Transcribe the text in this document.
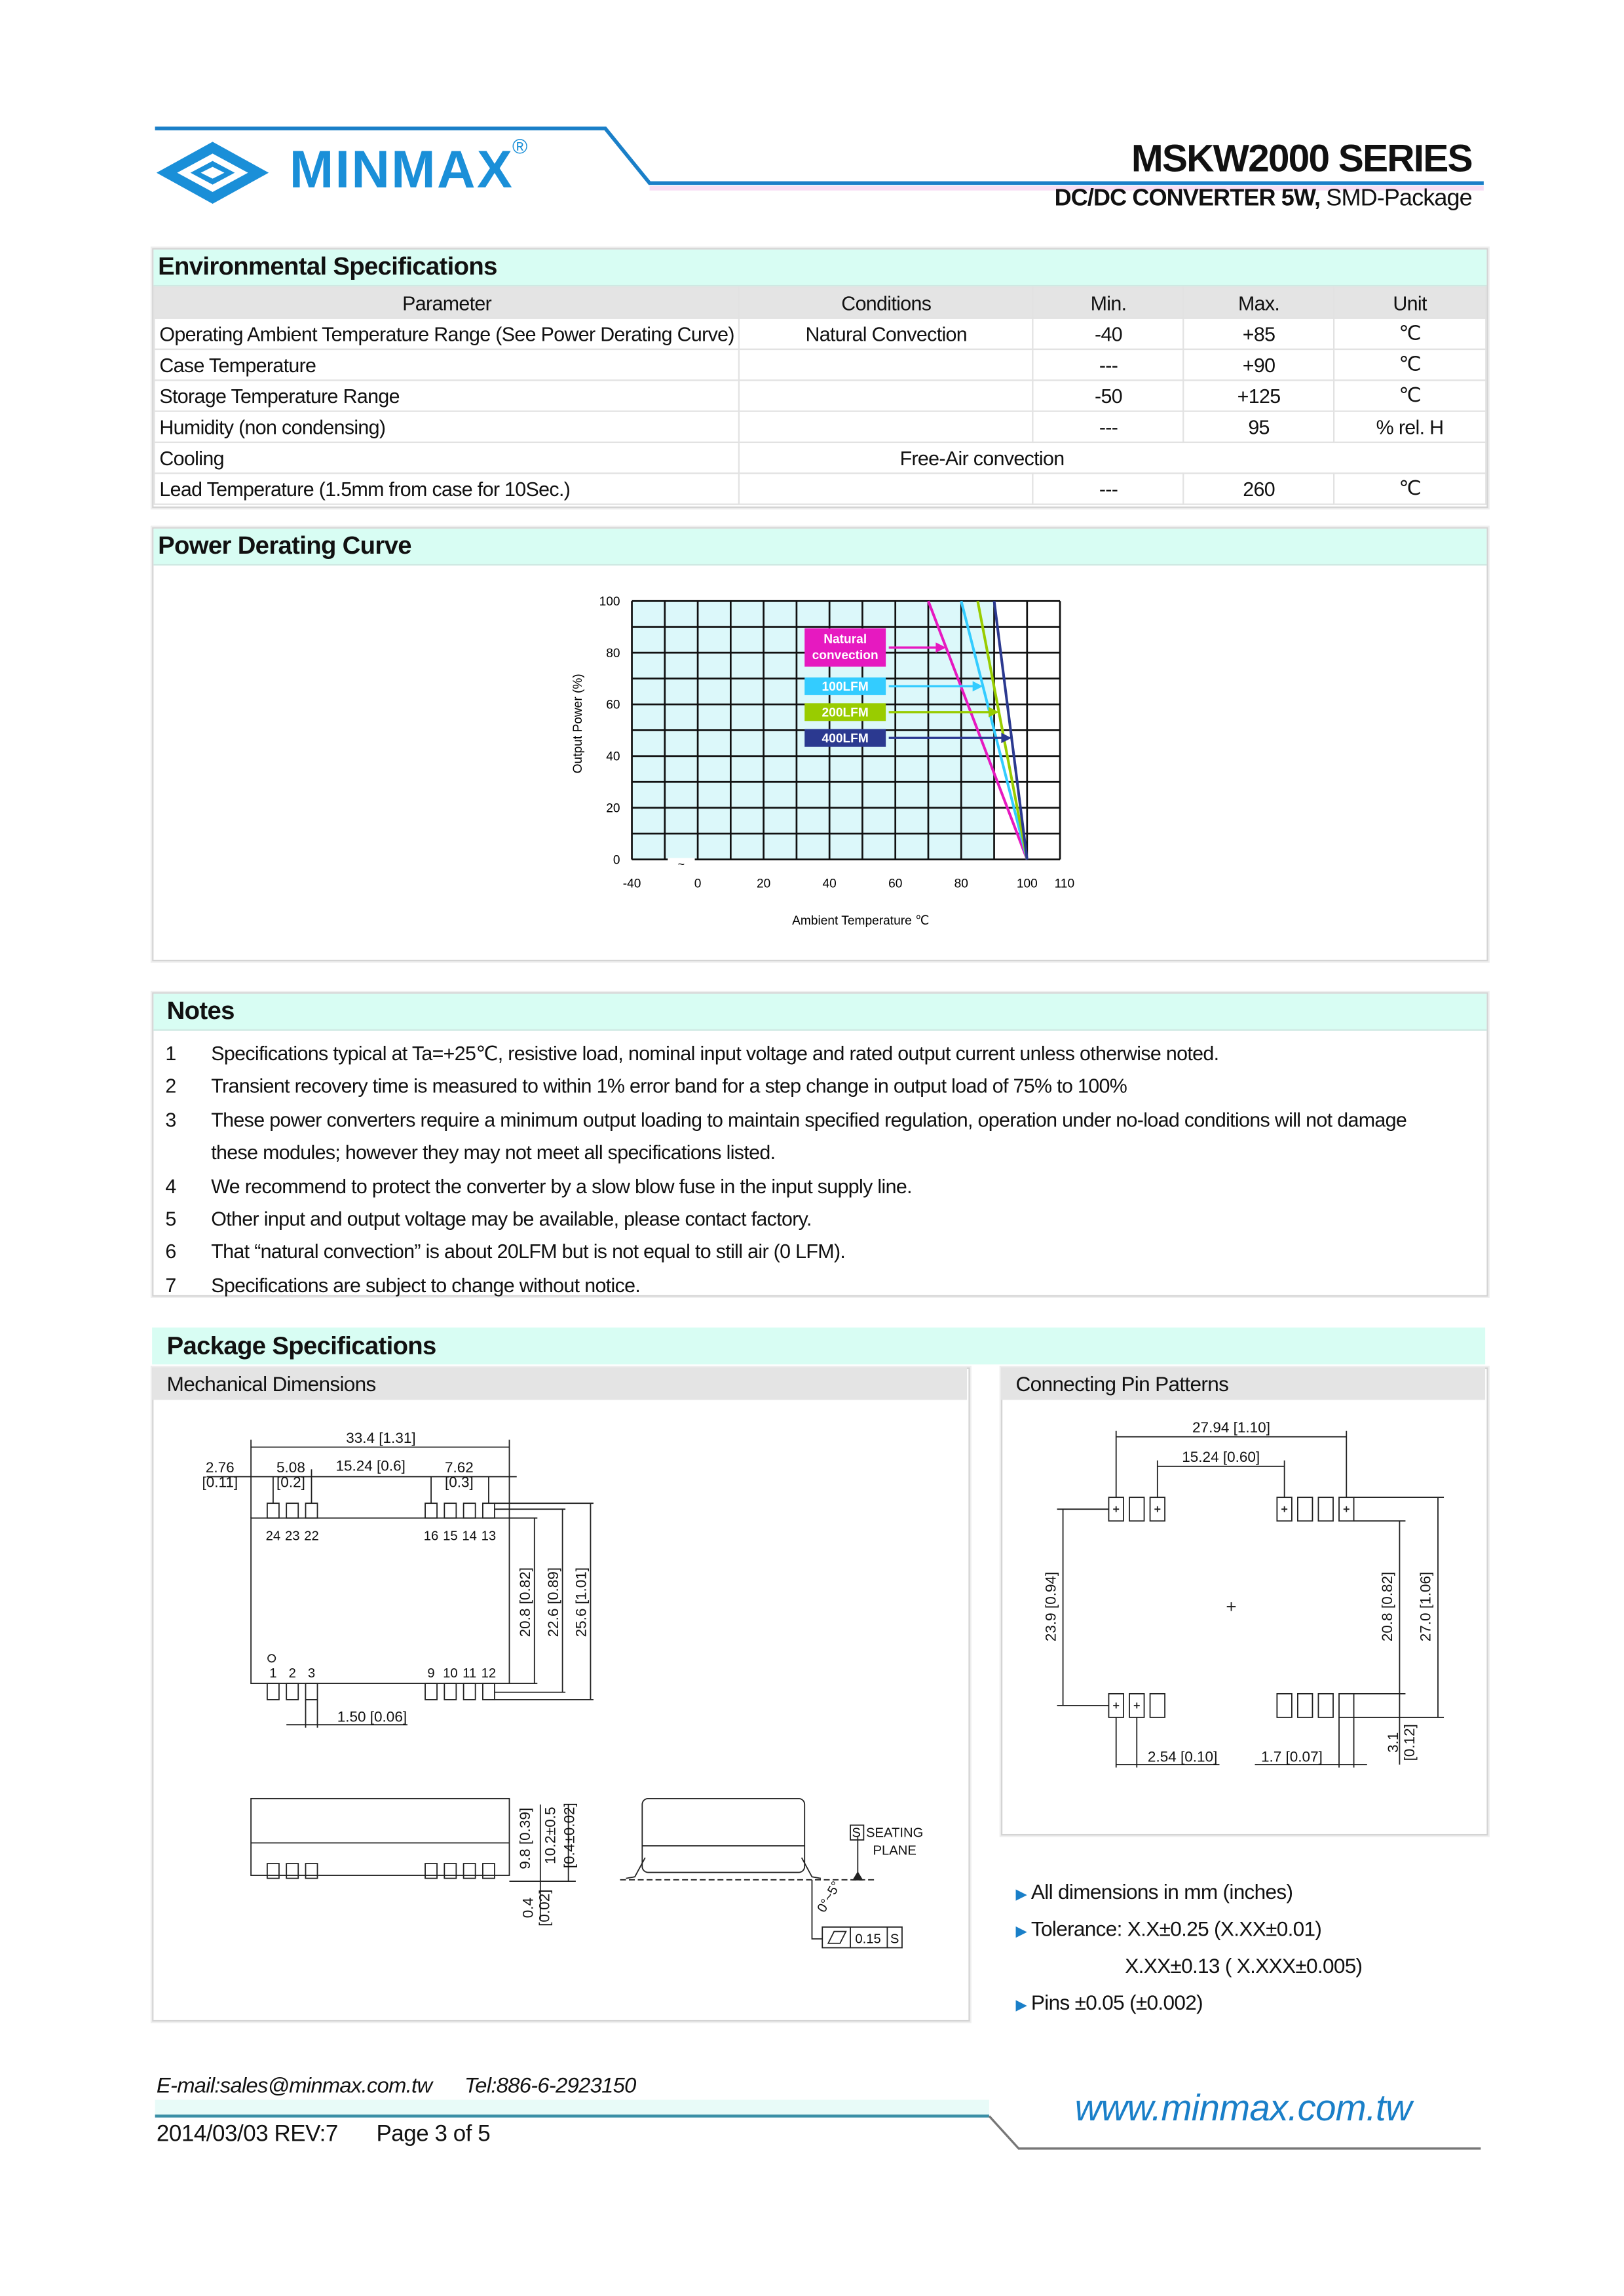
MINMAX
®	MSKW2000 SERIES
DC/DC CONVERTER 5W, SMD-Package
Environmental Specifications
Parameter	Conditions	Min.	Max.	Unit
Operating Ambient Temperature Range (See Power Derating Curve)	Natural Convection	-40	+85	℃
Case Temperature		---	+90	℃
Storage Temperature Range		-50	+125	℃
Humidity (non condensing)		---	95	% rel. H
Cooling	Free-Air convection			
Lead Temperature (1.5mm from case for 10Sec.)		---	260	℃
Power Derating Curve
~
0
20
40
60
80
100
-40	0	20	40	60	80	100	110
Ambient Temperature ℃
Output Power (%)
Natural
convection
100LFM
200LFM
400LFM
Notes
1	Specifications typical at Ta=+25℃, resistive load, nominal input voltage and rated output current unless otherwise noted.
2	Transient recovery time is measured to within 1% error band for a step change in output load of 75% to 100%
3	These power converters require a minimum output loading to maintain specified regulation, operation under no-load conditions will not damage these modules; however they may not meet all specifications listed.
4	We recommend to protect the converter by a slow blow fuse in the input supply line.
5	Other input and output voltage may be available, please contact factory.
6	That “natural convection” is about 20LFM but is not equal to still air (0 LFM).
7	Specifications are subject to change without notice.
Package Specifications
Mechanical Dimensions	Connecting Pin Patterns
33.4 [1.31]
2.76
[0.11]
5.08
[0.2]
15.24 [0.6]	7.62
[0.3]
1.50 [0.06]
24 23 22	16 15 14 13
1 2 3	9 10 11 12
20.8 [0.82] 22.6 [0.89] 25.6 [1.01]
9.8 [0.39] 10.2±0.5 [0.4±0.02]
0.4 [0.02]
S SEATING
PLANE
0°~5°
0.15 S
27.94 [1.10]
15.24 [0.60]
23.9 [0.94]	20.8 [0.82]	27.0 [1.06]
2.54 [0.10]	1.7 [0.07]
3.1 [0.12]
▶ All dimensions in mm (inches)
▶ Tolerance: X.X±0.25 (X.XX±0.01)
X.XX±0.13 ( X.XXX±0.005)
▶ Pins ±0.05 (±0.002)
E-mail:sales@minmax.com.tw	Tel:886-6-2923150
2014/03/03 REV:7	Page 3 of 5
www.minmax.com.tw
